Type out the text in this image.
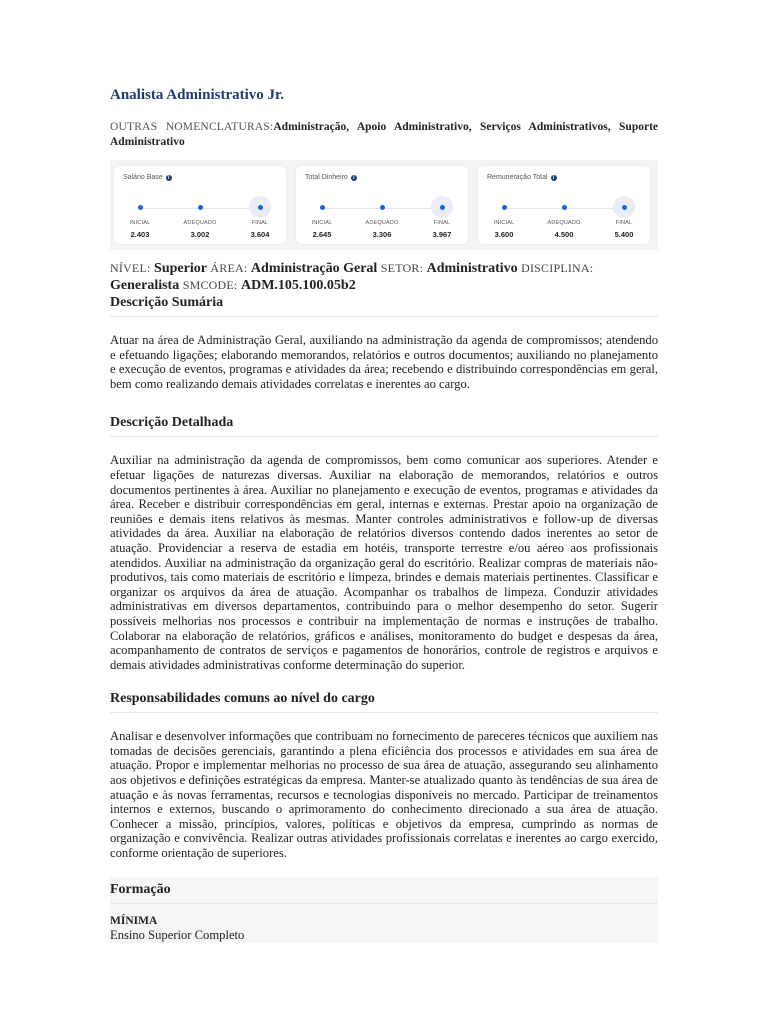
Analista Administrativo Jr.
OUTRAS NOMENCLATURAS:Administração, Apoio Administrativo, Serviços Administrativos, Suporte Administrativo
Salário Base	i
INICIAL
2.403
ADEQUADO
3.002
FINAL
3.604
Total Dinheiro	i
INICIAL
2.645
ADEQUADO
3.306
FINAL
3.967
Remuneração Total	i
INICIAL
3.600
ADEQUADO
4.500
FINAL
5.400
NÍVEL: Superior ÁREA: Administração Geral SETOR: Administrativo DISCIPLINA: Generalista SMCODE: ADM.105.100.05b2
Descrição Sumária

Atuar na área de Administração Geral, auxiliando na administração da agenda de compromissos; atendendo e efetuando ligações; elaborando memorandos, relatórios e outros documentos; auxiliando no planejamento e execução de eventos, programas e atividades da área; recebendo e distribuindo correspondências em geral, bem como realizando demais atividades correlatas e inerentes ao cargo.

Descrição Detalhada

Auxiliar na administração da agenda de compromissos, bem como comunicar aos superiores. Atender e efetuar ligações de naturezas diversas. Auxiliar na elaboração de memorandos, relatórios e outros documentos pertinentes à área. Auxiliar no planejamento e execução de eventos, programas e atividades da área. Receber e distribuir correspondências em geral, internas e externas. Prestar apoio na organização de reuniões e demais itens relativos às mesmas. Manter controles administrativos e follow-up de diversas atividades da área. Auxiliar na elaboração de relatórios diversos contendo dados inerentes ao setor de atuação. Providenciar a reserva de estadia em hotéis, transporte terrestre e/ou aéreo aos profissionais atendidos. Auxiliar na administração da organização geral do escritório. Realizar compras de materiais não-produtivos, tais como materiais de escritório e limpeza, brindes e demais materiais pertinentes. Classificar e organizar os arquivos da área de atuação. Acompanhar os trabalhos de limpeza. Conduzir atividades administrativas em diversos departamentos, contribuindo para o melhor desempenho do setor. Sugerir possíveis melhorias nos processos e contribuir na implementação de normas e instruções de trabalho. Colaborar na elaboração de relatórios, gráficos e análises, monitoramento do budget e despesas da área, acompanhamento de contratos de serviços e pagamentos de honorários, controle de registros e arquivos e demais atividades administrativas conforme determinação do superior.

Responsabilidades comuns ao nível do cargo

Analisar e desenvolver informações que contribuam no fornecimento de pareceres técnicos que auxiliem nas tomadas de decisões gerenciais, garantindo a plena eficiência dos processos e atividades em sua área de atuação. Propor e implementar melhorias no processo de sua área de atuação, assegurando seu alinhamento aos objetivos e definições estratégicas da empresa. Manter-se atualizado quanto às tendências de sua área de atuação e às novas ferramentas, recursos e tecnologias disponíveis no mercado. Participar de treinamentos internos e externos, buscando o aprimoramento do conhecimento direcionado a sua área de atuação. Conhecer a missão, princípios, valores, políticas e objetivos da empresa, cumprindo as normas de organização e convivência. Realizar outras atividades profissionais correlatas e inerentes ao cargo exercido, conforme orientação de superiores.

Formação
MÍNIMA
Ensino Superior Completo
